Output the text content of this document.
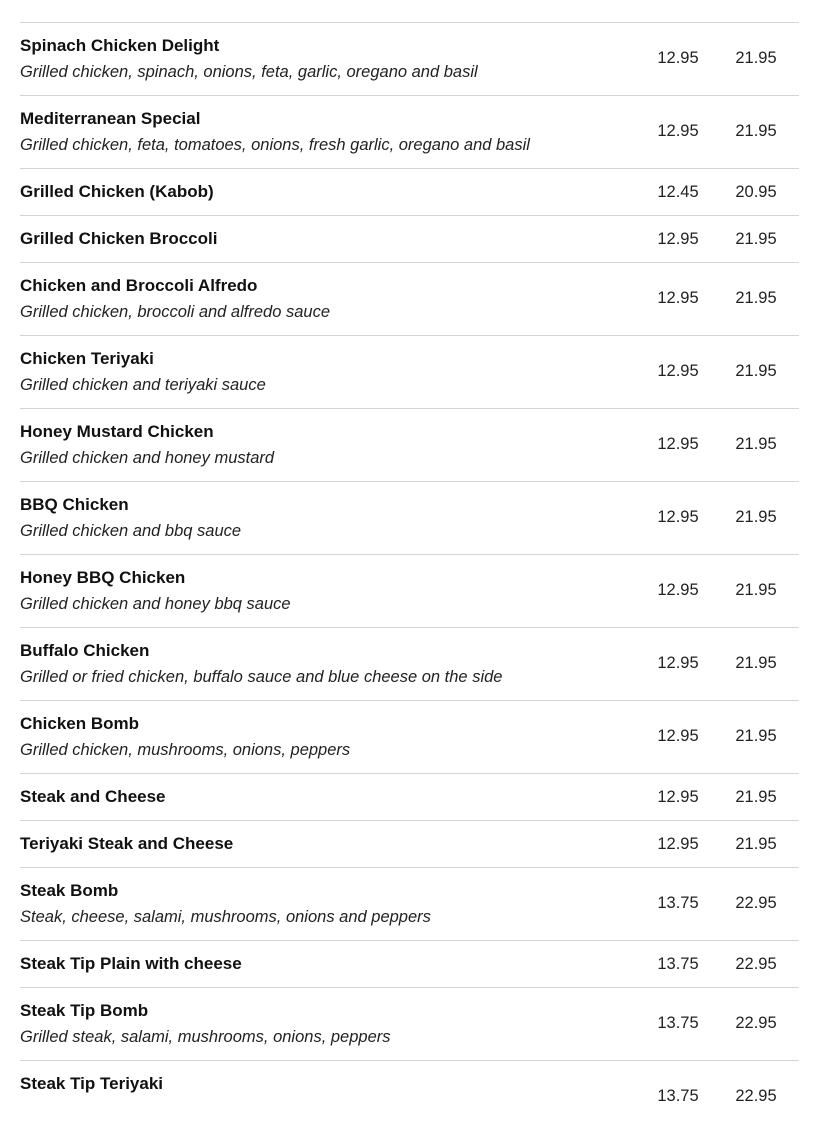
Spinach Chicken Delight
Grilled chicken, spinach, onions, feta, garlic, oregano and basil
12.95	21.95
Mediterranean Special
Grilled chicken, feta, tomatoes, onions, fresh garlic, oregano and basil
12.95	21.95
Grilled Chicken (Kabob)	12.45	20.95
Grilled Chicken Broccoli	12.95	21.95
Chicken and Broccoli Alfredo
Grilled chicken, broccoli and alfredo sauce
12.95	21.95
Chicken Teriyaki
Grilled chicken and teriyaki sauce
12.95	21.95
Honey Mustard Chicken
Grilled chicken and honey mustard
12.95	21.95
BBQ Chicken
Grilled chicken and bbq sauce
12.95	21.95
Honey BBQ Chicken
Grilled chicken and honey bbq sauce
12.95	21.95
Buffalo Chicken
Grilled or fried chicken, buffalo sauce and blue cheese on the side
12.95	21.95
Chicken Bomb
Grilled chicken, mushrooms, onions, peppers
12.95	21.95
Steak and Cheese	12.95	21.95
Teriyaki Steak and Cheese	12.95	21.95
Steak Bomb
Steak, cheese, salami, mushrooms, onions and peppers
13.75	22.95
Steak Tip Plain with cheese	13.75	22.95
Steak Tip Bomb
Grilled steak, salami, mushrooms, onions, peppers
13.75	22.95
Steak Tip Teriyaki
13.75	22.95
